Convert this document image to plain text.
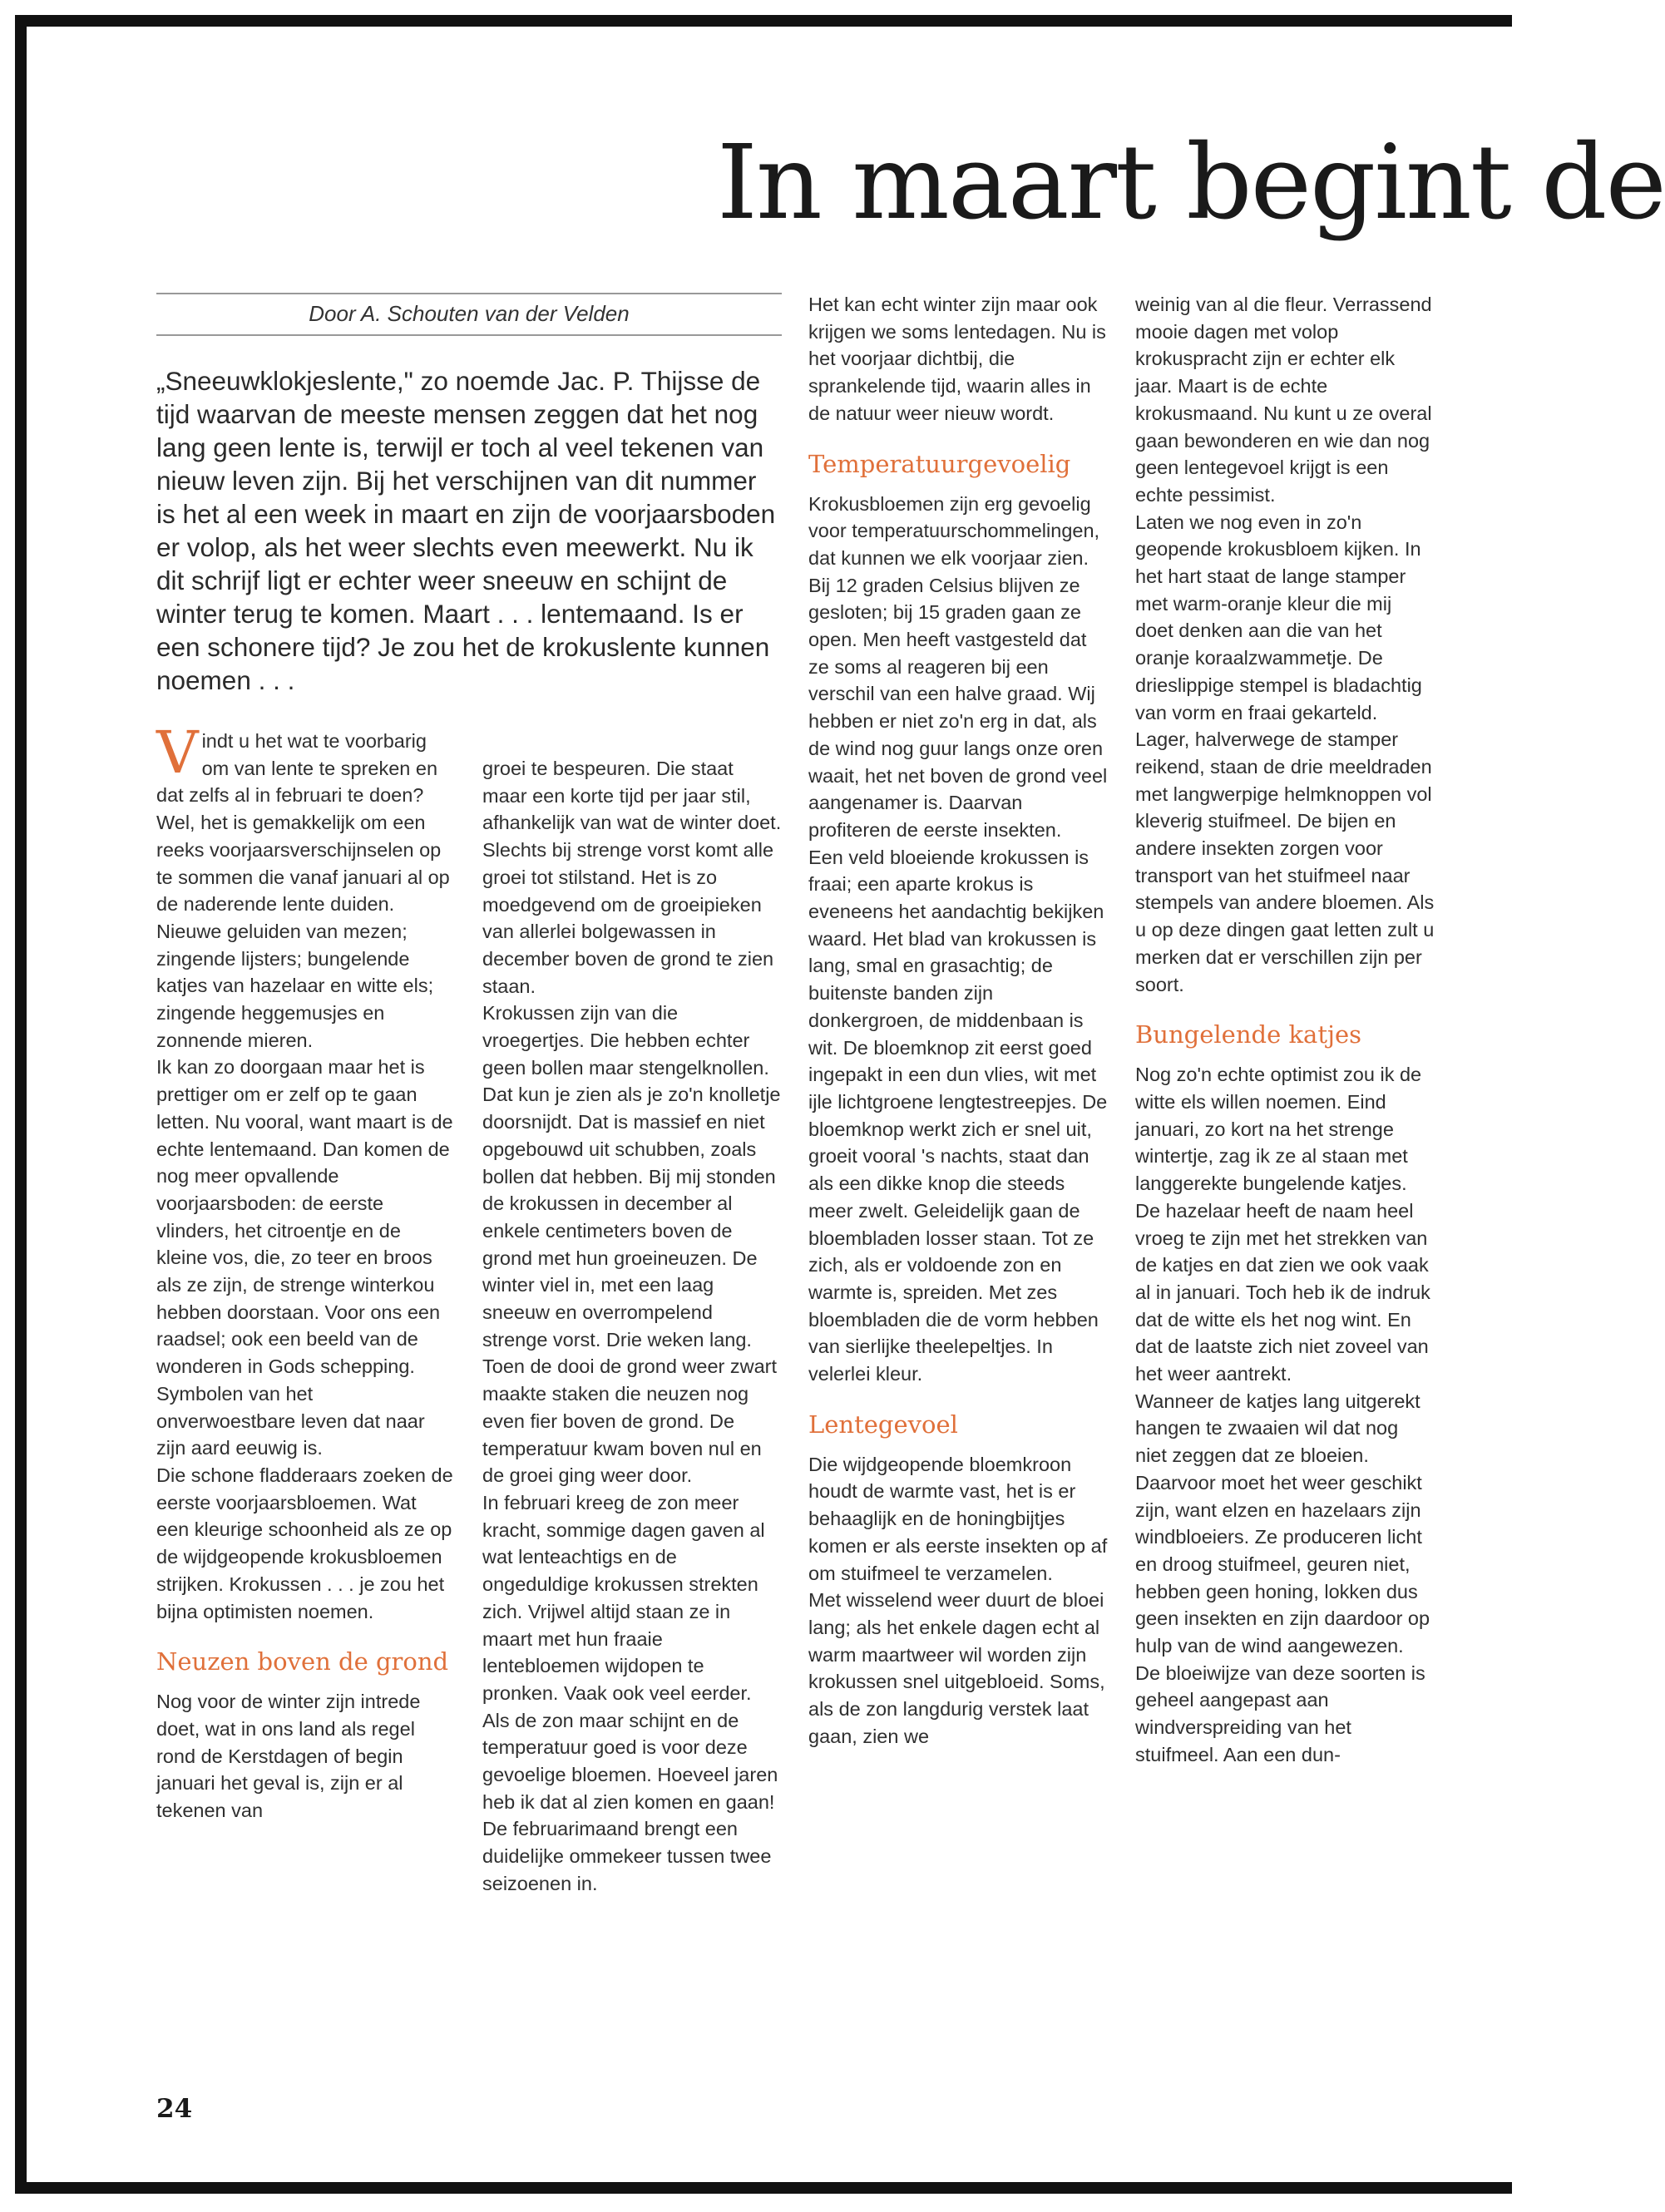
In maart begint de
Door A. Schouten van der Velden
„Sneeuwklokjeslente," zo noemde Jac. P. Thijsse de tijd waarvan de meeste mensen zeggen dat het nog lang geen lente is, terwijl er toch al veel tekenen van nieuw leven zijn. Bij het verschijnen van dit nummer is het al een week in maart en zijn de voorjaarsboden er volop, als het weer slechts even meewerkt. Nu ik dit schrijf ligt er echter weer sneeuw en schijnt de winter terug te komen. Maart . . . lentemaand. Is er een schonere tijd? Je zou het de krokuslente kunnen noemen . . .

Vindt u het wat te voorbarig om van lente te spreken en dat zelfs al in februari te doen? Wel, het is gemakkelijk om een reeks voorjaarsverschijnselen op te sommen die vanaf januari al op de naderende lente duiden. Nieuwe geluiden van mezen; zingende lijsters; bungelende katjes van hazelaar en witte els; zingende heggemusjes en zonnende mieren.

Ik kan zo doorgaan maar het is prettiger om er zelf op te gaan letten. Nu vooral, want maart is de echte lentemaand. Dan komen de nog meer opvallende voorjaarsboden: de eerste vlinders, het citroentje en de kleine vos, die, zo teer en broos als ze zijn, de strenge winterkou hebben doorstaan. Voor ons een raadsel; ook een beeld van de wonderen in Gods schepping. Symbolen van het onverwoestbare leven dat naar zijn aard eeuwig is.

Die schone fladderaars zoeken de eerste voorjaarsbloemen. Wat een kleurige schoonheid als ze op de wijdgeopende krokusbloemen strijken. Krokussen . . . je zou het bijna optimisten noemen.

Neuzen boven de grond

Nog voor de winter zijn intrede doet, wat in ons land als regel rond de Kerstdagen of begin januari het geval is, zijn er al tekenen van

groei te bespeuren. Die staat maar een korte tijd per jaar stil, afhankelijk van wat de winter doet. Slechts bij strenge vorst komt alle groei tot stilstand. Het is zo moedgevend om de groeipieken van allerlei bolgewassen in december boven de grond te zien staan.

Krokussen zijn van die vroegertjes. Die hebben echter geen bollen maar stengelknollen. Dat kun je zien als je zo'n knolletje doorsnijdt. Dat is massief en niet opgebouwd uit schubben, zoals bollen dat hebben. Bij mij stonden de krokussen in december al enkele centimeters boven de grond met hun groeineuzen. De winter viel in, met een laag sneeuw en overrompelend strenge vorst. Drie weken lang.

Toen de dooi de grond weer zwart maakte staken die neuzen nog even fier boven de grond. De temperatuur kwam boven nul en de groei ging weer door.

In februari kreeg de zon meer kracht, sommige dagen gaven al wat lenteachtigs en de ongeduldige krokussen strekten zich. Vrijwel altijd staan ze in maart met hun fraaie lentebloemen wijdopen te pronken. Vaak ook veel eerder. Als de zon maar schijnt en de temperatuur goed is voor deze gevoelige bloemen. Hoeveel jaren heb ik dat al zien komen en gaan!

De februarimaand brengt een duidelijke ommekeer tussen twee seizoenen in.

Het kan echt winter zijn maar ook krijgen we soms lentedagen. Nu is het voorjaar dichtbij, die sprankelende tijd, waarin alles in de natuur weer nieuw wordt.

Temperatuurgevoelig

Krokusbloemen zijn erg gevoelig voor temperatuurschommelingen, dat kunnen we elk voorjaar zien. Bij 12 graden Celsius blijven ze gesloten; bij 15 graden gaan ze open. Men heeft vastgesteld dat ze soms al reageren bij een verschil van een halve graad. Wij hebben er niet zo'n erg in dat, als de wind nog guur langs onze oren waait, het net boven de grond veel aangenamer is. Daarvan profiteren de eerste insekten.

Een veld bloeiende krokussen is fraai; een aparte krokus is eveneens het aandachtig bekijken waard. Het blad van krokussen is lang, smal en grasachtig; de buitenste banden zijn donkergroen, de middenbaan is wit. De bloemknop zit eerst goed ingepakt in een dun vlies, wit met ijle lichtgroene lengtestreepjes. De bloemknop werkt zich er snel uit, groeit vooral 's nachts, staat dan als een dikke knop die steeds meer zwelt. Geleidelijk gaan de bloembladen losser staan. Tot ze zich, als er voldoende zon en warmte is, spreiden. Met zes bloembladen die de vorm hebben van sierlijke theelepeltjes. In velerlei kleur.

Lentegevoel

Die wijdgeopende bloemkroon houdt de warmte vast, het is er behaaglijk en de honingbijtjes komen er als eerste insekten op af om stuifmeel te verzamelen.

Met wisselend weer duurt de bloei lang; als het enkele dagen echt al warm maartweer wil worden zijn krokussen snel uitgebloeid. Soms, als de zon langdurig verstek laat gaan, zien we

weinig van al die fleur. Verrassend mooie dagen met volop krokuspracht zijn er echter elk jaar. Maart is de echte krokusmaand. Nu kunt u ze overal gaan bewonderen en wie dan nog geen lentegevoel krijgt is een echte pessimist.

Laten we nog even in zo'n geopende krokusbloem kijken. In het hart staat de lange stamper met warm-oranje kleur die mij doet denken aan die van het oranje koraalzwammetje. De drieslippige stempel is bladachtig van vorm en fraai gekarteld. Lager, halverwege de stamper reikend, staan de drie meeldraden met langwerpige helmknoppen vol kleverig stuifmeel. De bijen en andere insekten zorgen voor transport van het stuifmeel naar stempels van andere bloemen. Als u op deze dingen gaat letten zult u merken dat er verschillen zijn per soort.

Bungelende katjes

Nog zo'n echte optimist zou ik de witte els willen noemen. Eind januari, zo kort na het strenge wintertje, zag ik ze al staan met langgerekte bungelende katjes. De hazelaar heeft de naam heel vroeg te zijn met het strekken van de katjes en dat zien we ook vaak al in januari. Toch heb ik de indruk dat de witte els het nog wint. En dat de laatste zich niet zoveel van het weer aantrekt.

Wanneer de katjes lang uitgerekt hangen te zwaaien wil dat nog niet zeggen dat ze bloeien. Daarvoor moet het weer geschikt zijn, want elzen en hazelaars zijn windbloeiers. Ze produceren licht en droog stuifmeel, geuren niet, hebben geen honing, lokken dus geen insekten en zijn daardoor op hulp van de wind aangewezen.

De bloeiwijze van deze soorten is geheel aangepast aan windverspreiding van het stuifmeel. Aan een dun-

24
